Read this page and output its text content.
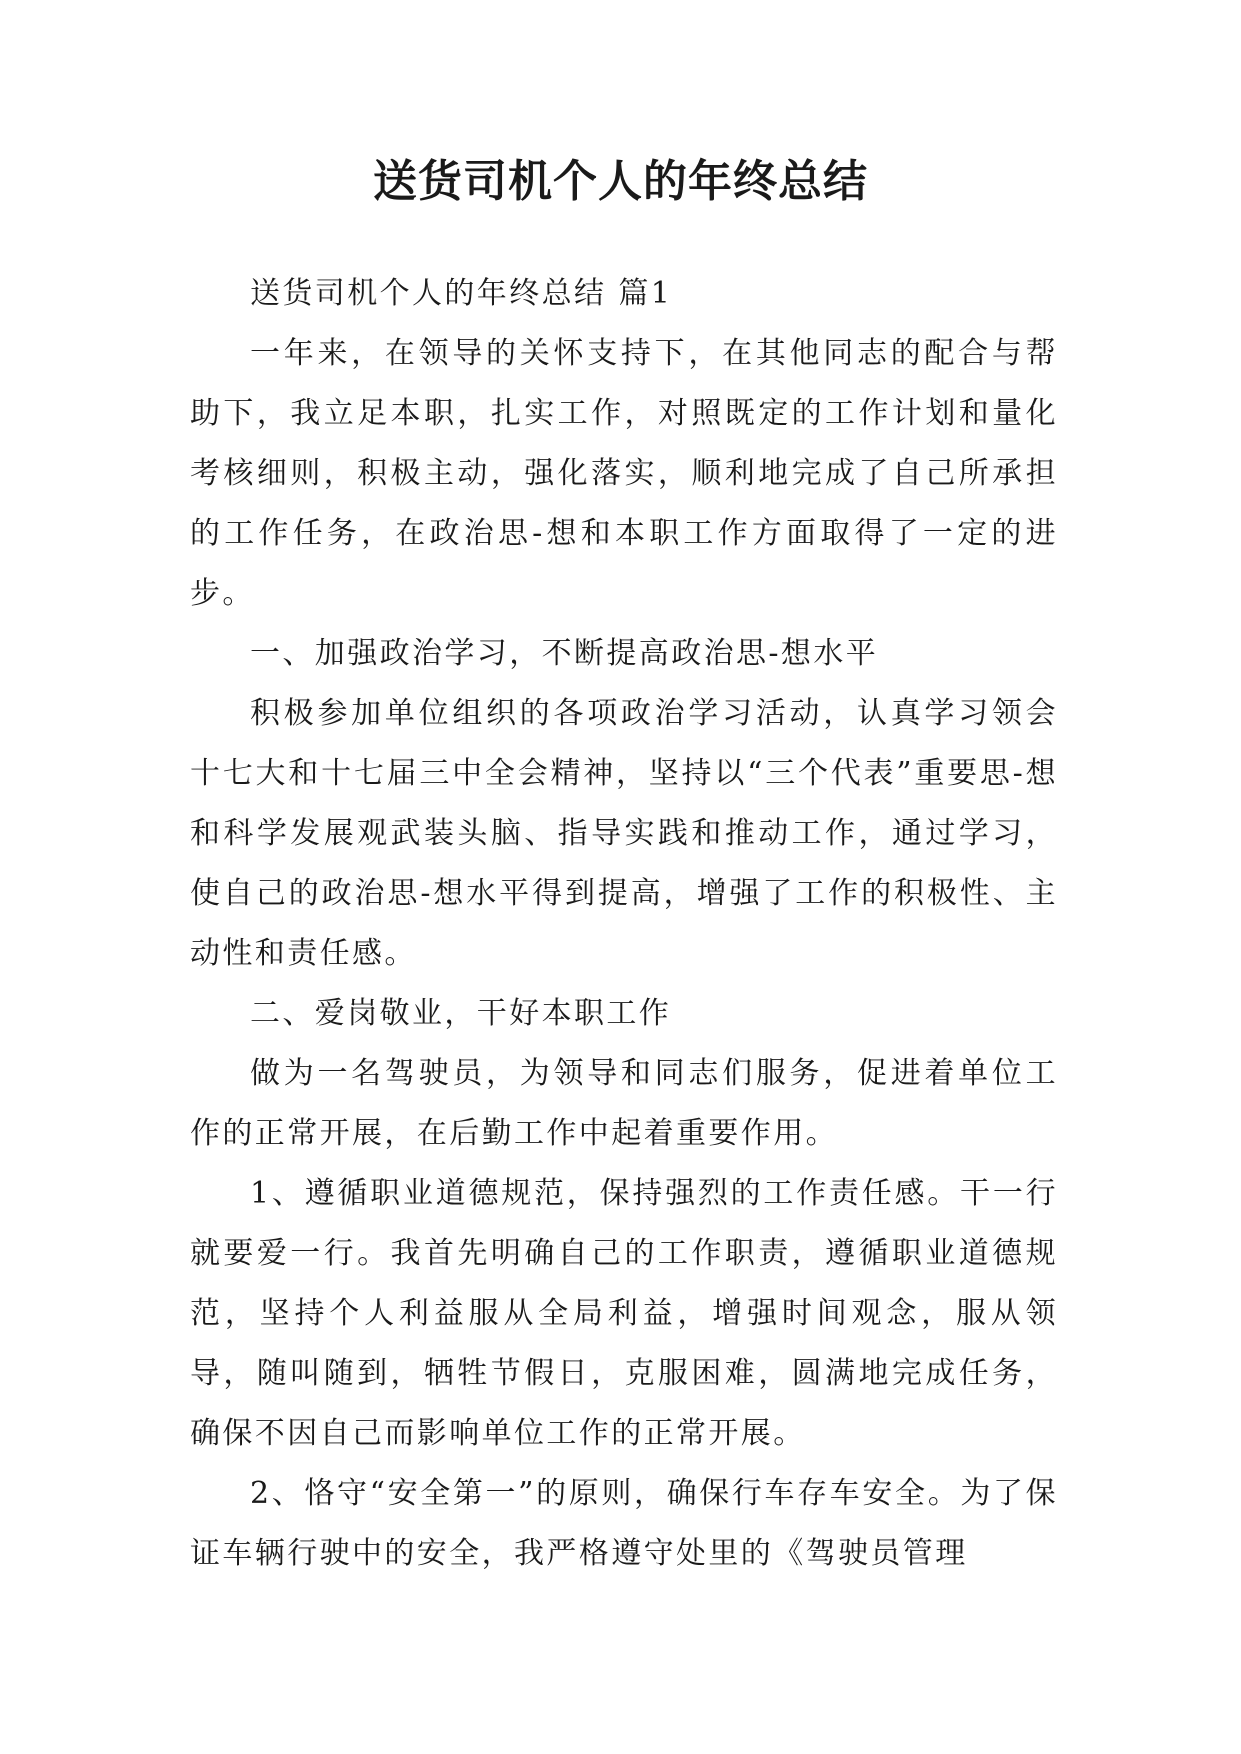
送货司机个人的年终总结

送货司机个人的年终总结 篇1

一年来，在领导的关怀支持下，在其他同志的配合与帮助下，我立足本职，扎实工作，对照既定的工作计划和量化考核细则，积极主动，强化落实，顺利地完成了自己所承担的工作任务，在政治思-想和本职工作方面取得了一定的进步。

一、加强政治学习，不断提高政治思-想水平

积极参加单位组织的各项政治学习活动，认真学习领会十七大和十七届三中全会精神，坚持以“三个代表”重要思-想和科学发展观武装头脑、指导实践和推动工作，通过学习，使自己的政治思-想水平得到提高，增强了工作的积极性、主动性和责任感。

二、爱岗敬业，干好本职工作

做为一名驾驶员，为领导和同志们服务，促进着单位工作的正常开展，在后勤工作中起着重要作用。

1、遵循职业道德规范，保持强烈的工作责任感。干一行就要爱一行。我首先明确自己的工作职责，遵循职业道德规范，坚持个人利益服从全局利益，增强时间观念，服从领导，随叫随到，牺牲节假日，克服困难，圆满地完成任务，确保不因自己而影响单位工作的正常开展。

2、恪守“安全第一”的原则，确保行车存车安全。为了保证车辆行驶中的安全，我严格遵守处里的《驾驶员管理
